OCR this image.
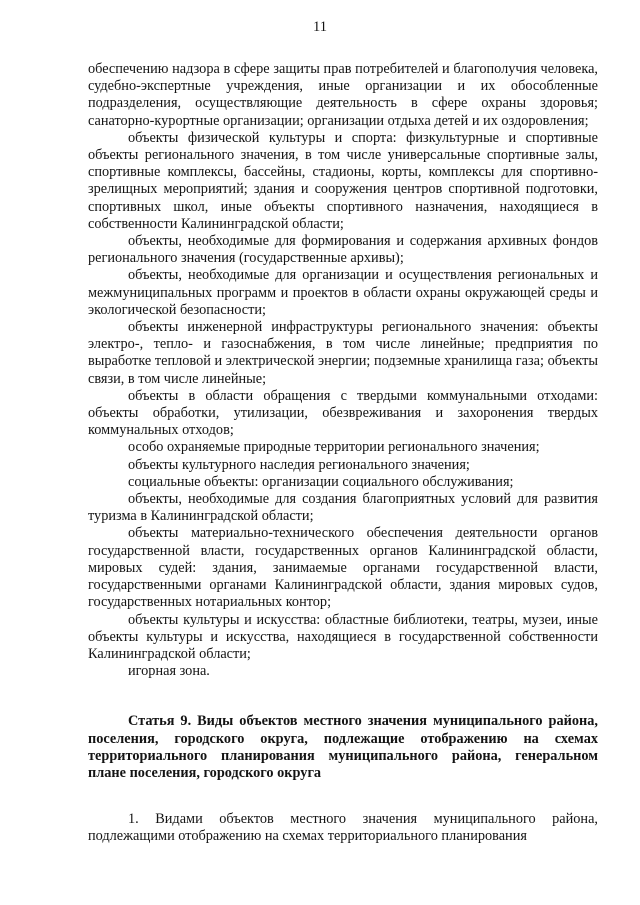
11

обеспечению надзора в сфере защиты прав потребителей и благополучия человека, судебно-экспертные учреждения, иные организации и их обособленные подразделения, осуществляющие деятельность в сфере охраны здоровья; санаторно-курортные организации; организации отдыха детей и их оздоровления;

объекты физической культуры и спорта: физкультурные и спортивные объекты регионального значения, в том числе универсальные спортивные залы, спортивные комплексы, бассейны, стадионы, корты, комплексы для спортивно-зрелищных мероприятий; здания и сооружения центров спортивной подготовки, спортивных школ, иные объекты спортивного назначения, находящиеся в собственности Калининградской области;

объекты, необходимые для формирования и содержания архивных фондов регионального значения (государственные архивы);

объекты, необходимые для организации и осуществления региональных и межмуниципальных программ и проектов в области охраны окружающей среды и экологической безопасности;

объекты инженерной инфраструктуры регионального значения: объекты электро-, тепло- и газоснабжения, в том числе линейные; предприятия по выработке тепловой и электрической энергии; подземные хранилища газа; объекты связи, в том числе линейные;

объекты в области обращения с твердыми коммунальными отходами: объекты обработки, утилизации, обезвреживания и захоронения твердых коммунальных отходов;

особо охраняемые природные территории регионального значения;

объекты культурного наследия регионального значения;

социальные объекты: организации социального обслуживания;

объекты, необходимые для создания благоприятных условий для развития туризма в Калининградской области;

объекты материально-технического обеспечения деятельности органов государственной власти, государственных органов Калининградской области, мировых судей: здания, занимаемые органами государственной власти, государственными органами Калининградской области, здания мировых судов, государственных нотариальных контор;

объекты культуры и искусства: областные библиотеки, театры, музеи, иные объекты культуры и искусства, находящиеся в государственной собственности Калининградской области;

игорная зона.

Статья 9. Виды объектов местного значения муниципального района, поселения, городского округа, подлежащие отображению на схемах территориального планирования муниципального района, генеральном плане поселения, городского округа

1. Видами объектов местного значения муниципального района, подлежащими отображению на схемах территориального планирования
